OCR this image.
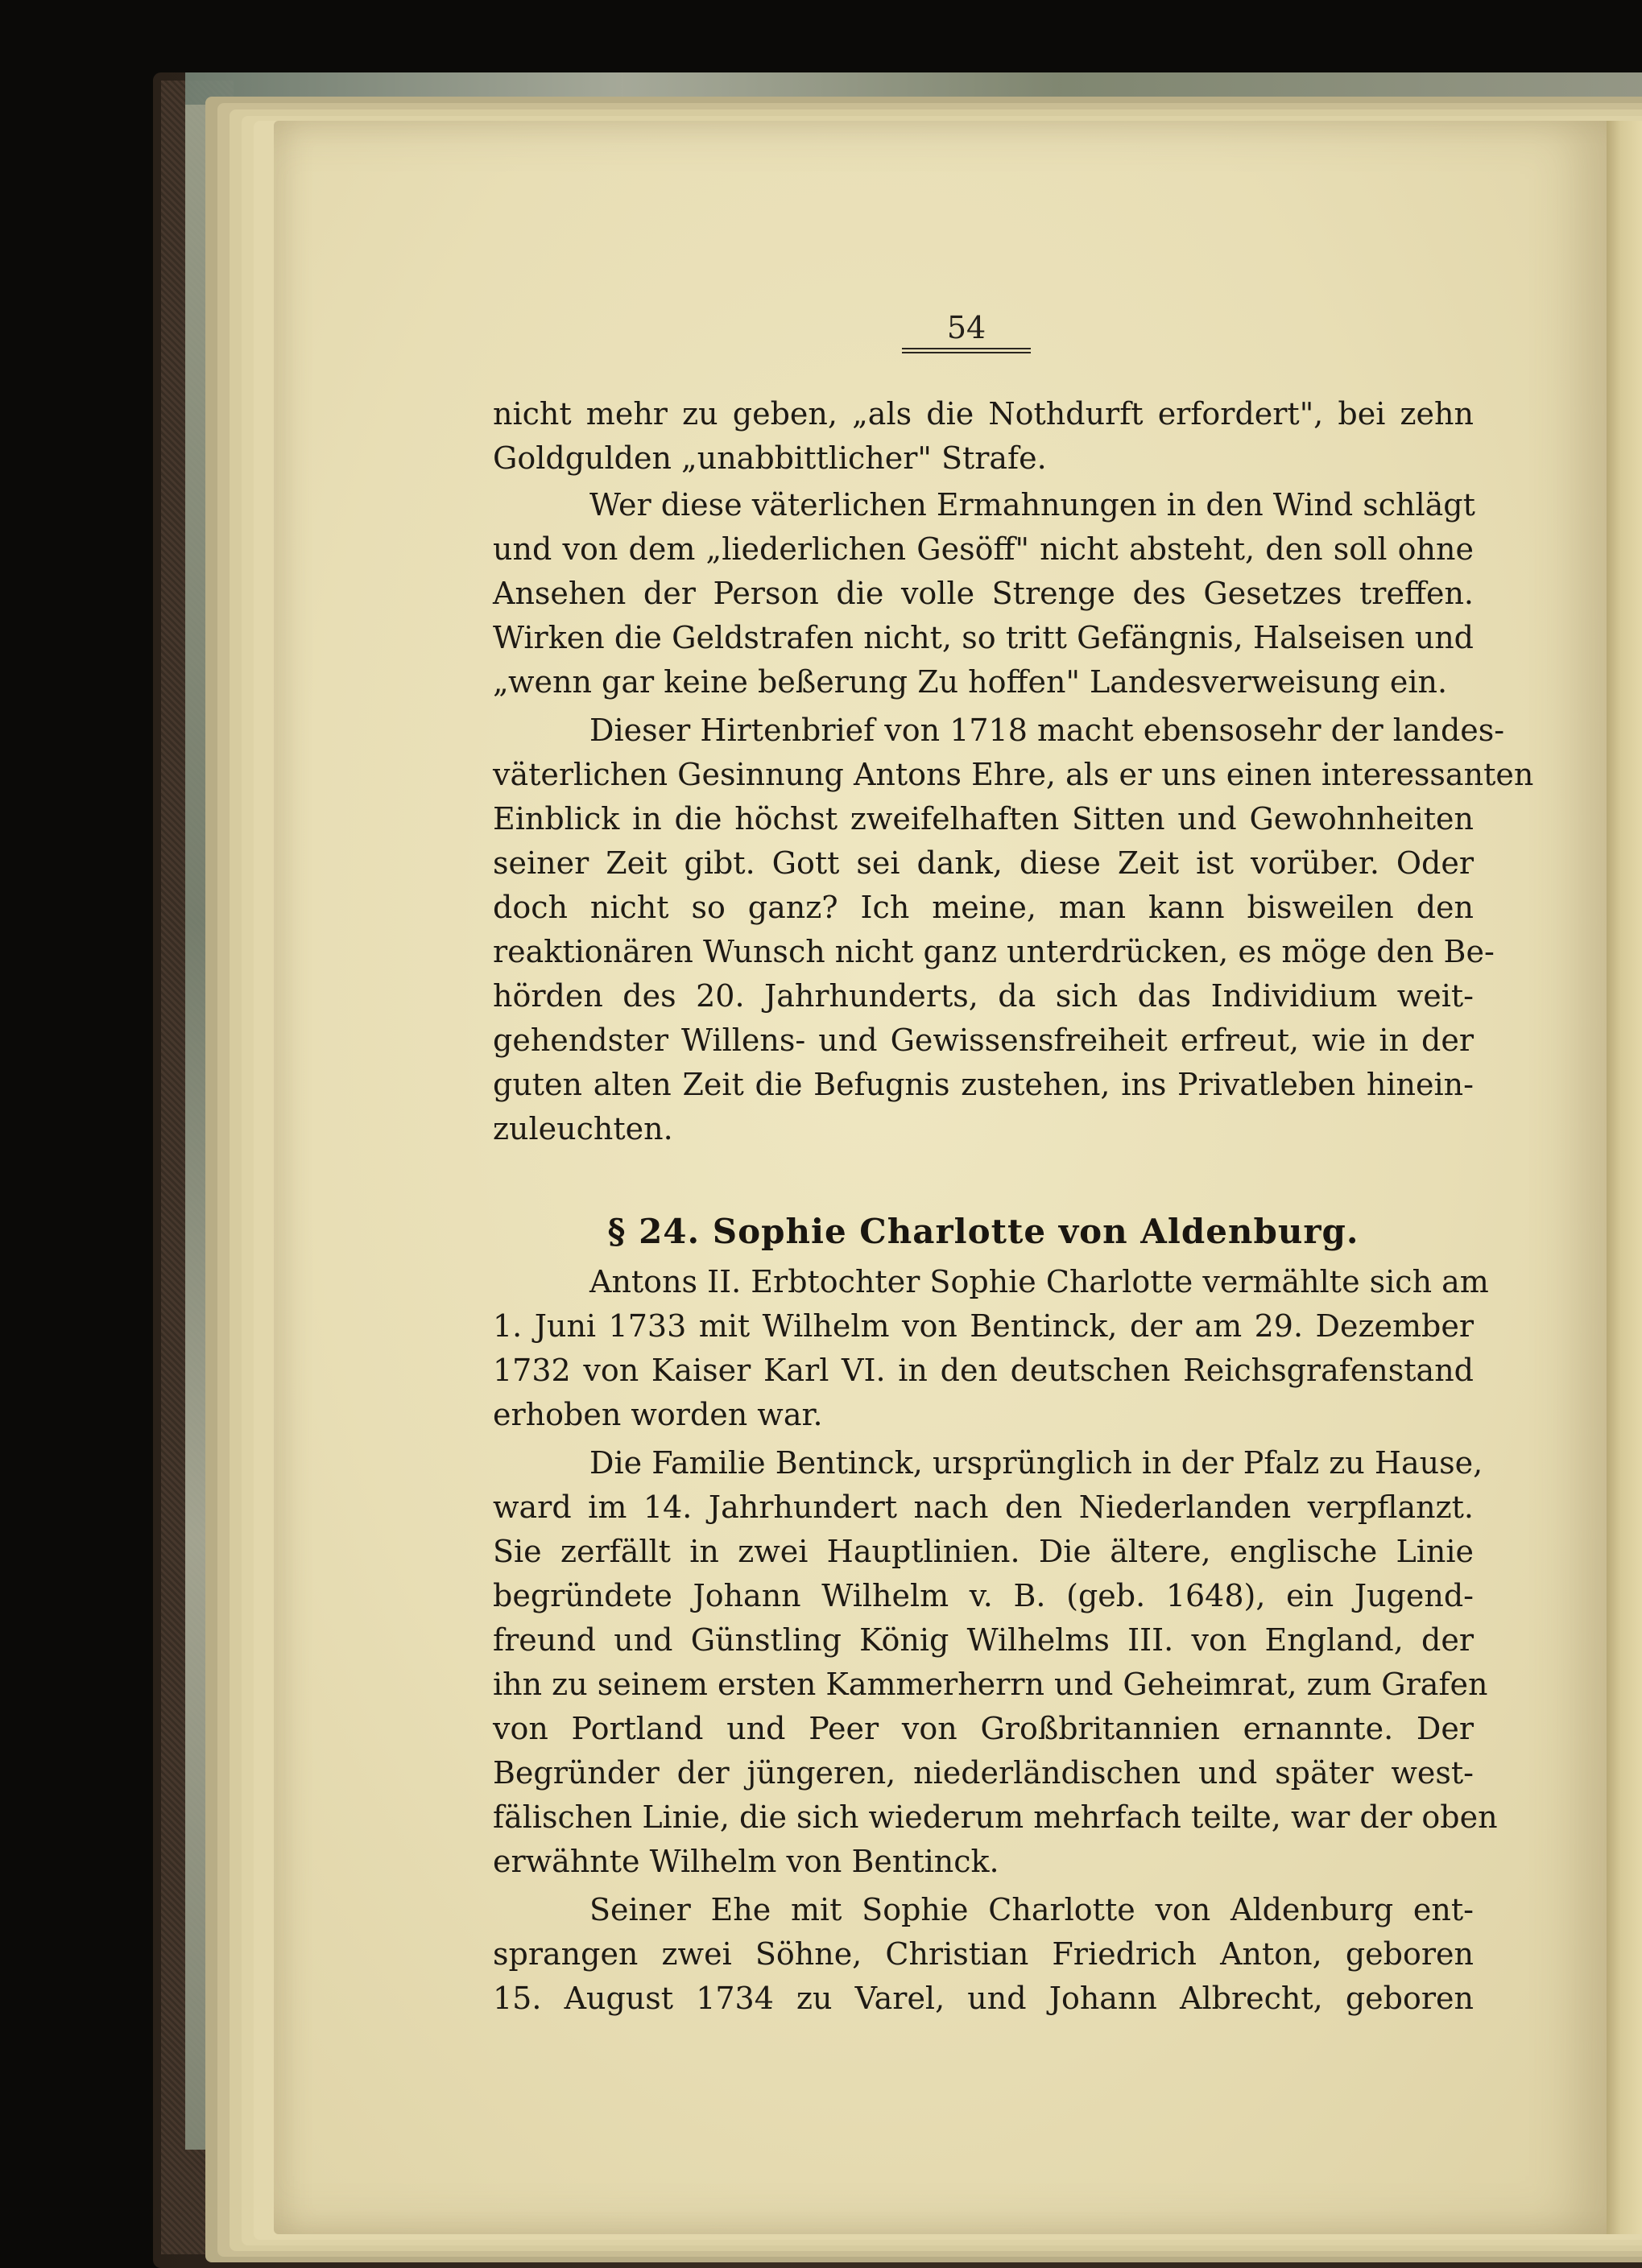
54
nicht mehr zu geben, „als die Nothdurft erfordert", bei zehn
Goldgulden „unabbittlicher" Strafe.
Wer diese väterlichen Ermahnungen in den Wind schlägt
und von dem „liederlichen Gesöff" nicht absteht, den soll ohne
Ansehen der Person die volle Strenge des Gesetzes treffen.
Wirken die Geldstrafen nicht, so tritt Gefängnis, Halseisen und
„wenn gar keine beßerung Zu hoffen" Landesverweisung ein.
Dieser Hirtenbrief von 1718 macht ebensosehr der landes-
väterlichen Gesinnung Antons Ehre, als er uns einen interessanten
Einblick in die höchst zweifelhaften Sitten und Gewohnheiten
seiner Zeit gibt. Gott sei dank, diese Zeit ist vorüber. Oder
doch nicht so ganz? Ich meine, man kann bisweilen den
reaktionären Wunsch nicht ganz unterdrücken, es möge den Be-
hörden des 20. Jahrhunderts, da sich das Individium weit-
gehendster Willens- und Gewissensfreiheit erfreut, wie in der
guten alten Zeit die Befugnis zustehen, ins Privatleben hinein-
zuleuchten.
§ 24. Sophie Charlotte von Aldenburg.
Antons II. Erbtochter Sophie Charlotte vermählte sich am
1. Juni 1733 mit Wilhelm von Bentinck, der am 29. Dezember
1732 von Kaiser Karl VI. in den deutschen Reichsgrafenstand
erhoben worden war.
Die Familie Bentinck, ursprünglich in der Pfalz zu Hause,
ward im 14. Jahrhundert nach den Niederlanden verpflanzt.
Sie zerfällt in zwei Hauptlinien. Die ältere, englische Linie
begründete Johann Wilhelm v. B. (geb. 1648), ein Jugend-
freund und Günstling König Wilhelms III. von England, der
ihn zu seinem ersten Kammerherrn und Geheimrat, zum Grafen
von Portland und Peer von Großbritannien ernannte. Der
Begründer der jüngeren, niederländischen und später west-
fälischen Linie, die sich wiederum mehrfach teilte, war der oben
erwähnte Wilhelm von Bentinck.
Seiner Ehe mit Sophie Charlotte von Aldenburg ent-
sprangen zwei Söhne, Christian Friedrich Anton, geboren
15. August 1734 zu Varel, und Johann Albrecht, geboren
